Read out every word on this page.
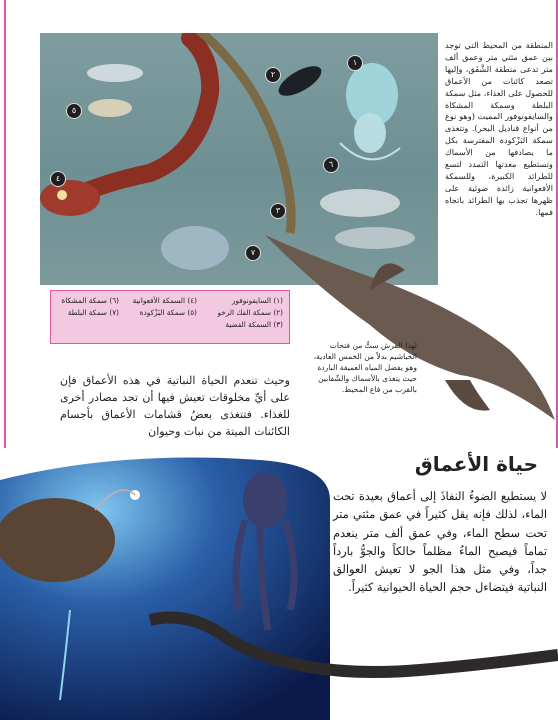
١
٢
٣
٤
٥
٦
٧
المنطقة من المحيط التي توجد بين عمق مئتي متر وعمق ألف متر تدعى منطقة الشَّفَق، وإليها تصعد كائنات من الأعماق للحصول على الغذاء، مثل سمكة البلطة وسمكة المشكاة والسايفونوفور المميت (وهو نوع من أنواع قناديل البحر). وتتغذى سمكة البَزْكودة المفترسة بكل ما يصادفها من الأسماك وتستطيع معدتها التمدد لتسع للطرائد الكبيرة، وللسمكة الأفعوانية زائدة ضوئية على ظهرها تجذب بها الطرائد باتجاه فمها.
(١) السايفونوفور
(٢) سمكة الفك الرخو
(٣) السمكة الفضية
(٤) السمكة الأفعوانية
(٥) سمكة البَزْكودة
(٦) سمكة المشكاة
(٧) سمكة البلطة
لهذا القرش ستٌّ من فتحات الخياشيم بدلاً من الخمس العادية، وهو يفضل المياه العميقة الباردة حيث يتغذى بالأسماك والشّفابين بالقرب من قاع المحيط.
وحيث تنعدم الحياة النباتية في هذه الأعماق فإن على أيِّ مخلوقات تعيش فيها أن تجد مصادر أخرى للغذاء. فتتغذى بعضُ قشامات الأعماق بأجسام الكائنات الميتة من نبات وحيوان
حياة الأعماق
لا يستطيع الضوءُ النفاذَ إلى أعماق بعيدة تحت الماء، لذلك فإنه يقل كثيراً في عمق مئتي متر تحت سطح الماء، وفي عمق ألف متر ينعدم تماماً فيصبح الماءُ مظلماً حالكاً والجوُّ بارداً جداً، وفي مثل هذا الجو لا تعيش العوالق النباتية فيتضاءل حجم الحياة الحيوانية كثيراً.
